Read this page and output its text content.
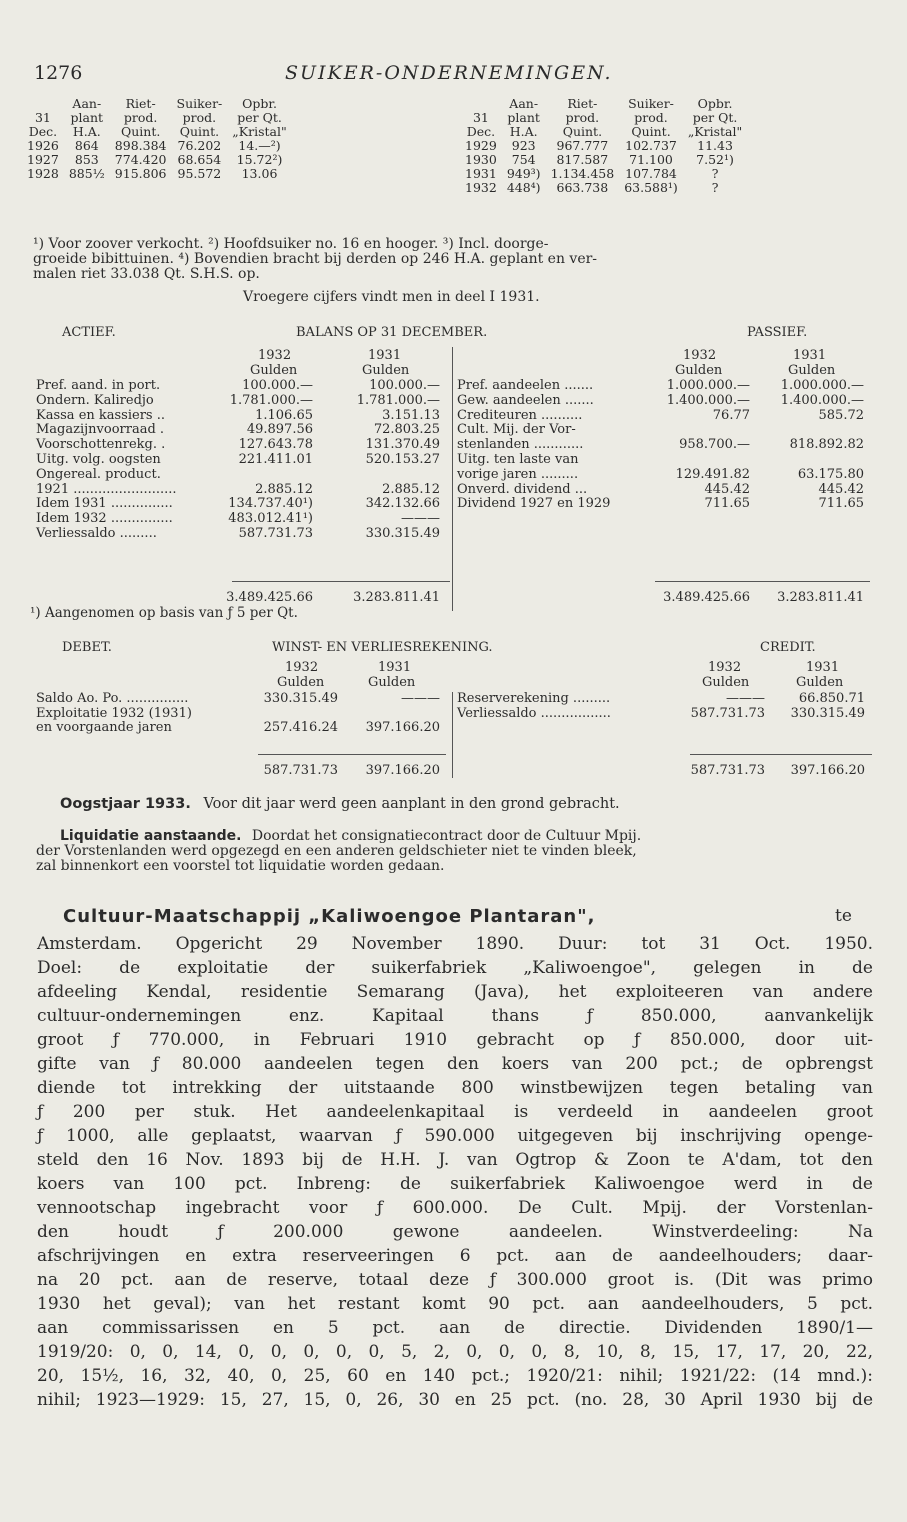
1276	SUIKER-ONDERNEMINGEN.
	Aan-	Riet-	Suiker-	Opbr.
31	plant	prod.	prod.	per Qt.
Dec.	H.A.	Quint.	Quint.	„Kristal"
1926	864	898.384	76.202	14.—²)
1927	853	774.420	68.654	15.72²)
1928	885½	915.806	95.572	13.06
	Aan-	Riet-	Suiker-	Opbr.
31	plant	prod.	prod.	per Qt.
Dec.	H.A.	Quint.	Quint.	„Kristal"
1929	923	967.777	102.737	11.43
1930	754	817.587	71.100	7.52¹)
1931	949³)	1.134.458	107.784	?
1932	448⁴)	663.738	63.588¹)	?
¹) Voor zoover verkocht. ²) Hoofdsuiker no. 16 en hooger. ³) Incl. doorge-
groeide bibittuinen. ⁴) Bovendien bracht bij derden op 246 H.A. geplant en ver-
malen riet 33.038 Qt. S.H.S. op.
Vroegere cijfers vindt men in deel I 1931.
ACTIEF.	BALANS OP 31 DECEMBER.	PASSIEF.
1932	1931
Gulden	Gulden
1932	1931
Gulden	Gulden
Pref. aand. in port.	100.000.—	100.000.—
Ondern. Kaliredjo	1.781.000.—	1.781.000.—
Kassa en kassiers ..	1.106.65	3.151.13
Magazijnvoorraad .	49.897.56	72.803.25
Voorschottenrekg. .	127.643.78	131.370.49
Uitg. volg. oogsten	221.411.01	520.153.27
Ongereal. product.
1921 .........................	2.885.12	2.885.12
Idem 1931 ...............	134.737.40¹)	342.132.66
Idem 1932 ...............	483.012.41¹)	———
Verliessaldo .........	587.731.73	330.315.49
Pref. aandeelen .......	1.000.000.—	1.000.000.—
Gew. aandeelen .......	1.400.000.—	1.400.000.—
Crediteuren ..........	76.77	585.72
Cult. Mij. der Vor-
stenlanden ............	958.700.—	818.892.82
Uitg. ten laste van
vorige jaren .........	129.491.82	63.175.80
Onverd. dividend ...	445.42	445.42
Dividend 1927 en 1929	711.65	711.65
3.489.425.66	3.283.811.41	3.489.425.66	3.283.811.41
¹) Aangenomen op basis van ƒ 5 per Qt.
DEBET.	WINST- EN VERLIESREKENING.	CREDIT.
1932	1931
Gulden	Gulden
1932	1931
Gulden	Gulden
Saldo Ao. Po. ...............	330.315.49	———
Exploitatie 1932 (1931)
en voorgaande jaren	257.416.24	397.166.20
Reserverekening .........	———	66.850.71
Verliessaldo .................	587.731.73	330.315.49
587.731.73	397.166.20	587.731.73	397.166.20
Oogstjaar 1933. Voor dit jaar werd geen aanplant in den grond gebracht.
Liquidatie aanstaande. Doordat het consignatiecontract door de Cultuur Mpij.
der Vorstenlanden werd opgezegd en een anderen geldschieter niet te vinden bleek,
zal binnenkort een voorstel tot liquidatie worden gedaan.
Cultuur-Maatschappij „Kaliwoengoe Plantaran",	te
Amsterdam. Opgericht 29 November 1890. Duur: tot 31 Oct. 1950.
Doel: de exploitatie der suikerfabriek „Kaliwoengoe", gelegen in de
afdeeling Kendal, residentie Semarang (Java), het exploiteeren van andere
cultuur-ondernemingen enz. Kapitaal thans ƒ 850.000, aanvankelijk
groot ƒ 770.000, in Februari 1910 gebracht op ƒ 850.000, door uit-
gifte van ƒ 80.000 aandeelen tegen den koers van 200 pct.; de opbrengst
diende tot intrekking der uitstaande 800 winstbewijzen tegen betaling van
ƒ 200 per stuk. Het aandeelenkapitaal is verdeeld in aandeelen groot
ƒ 1000, alle geplaatst, waarvan ƒ 590.000 uitgegeven bij inschrijving openge-
steld den 16 Nov. 1893 bij de H.H. J. van Ogtrop & Zoon te A'dam, tot den
koers van 100 pct. Inbreng: de suikerfabriek Kaliwoengoe werd in de
vennootschap ingebracht voor ƒ 600.000. De Cult. Mpij. der Vorstenlan-
den houdt ƒ 200.000 gewone aandeelen. Winstverdeeling: Na
afschrijvingen en extra reserveeringen 6 pct. aan de aandeelhouders; daar-
na 20 pct. aan de reserve, totaal deze ƒ 300.000 groot is. (Dit was primo
1930 het geval); van het restant komt 90 pct. aan aandeelhouders, 5 pct.
aan commissarissen en 5 pct. aan de directie. Dividenden 1890/1—
1919/20: 0, 0, 14, 0, 0, 0, 0, 0, 5, 2, 0, 0, 0, 8, 10, 8, 15, 17, 17, 20, 22,
20, 15½, 16, 32, 40, 0, 25, 60 en 140 pct.; 1920/21: nihil; 1921/22: (14 mnd.):
nihil; 1923—1929: 15, 27, 15, 0, 26, 30 en 25 pct. (no. 28, 30 April 1930 bij de
